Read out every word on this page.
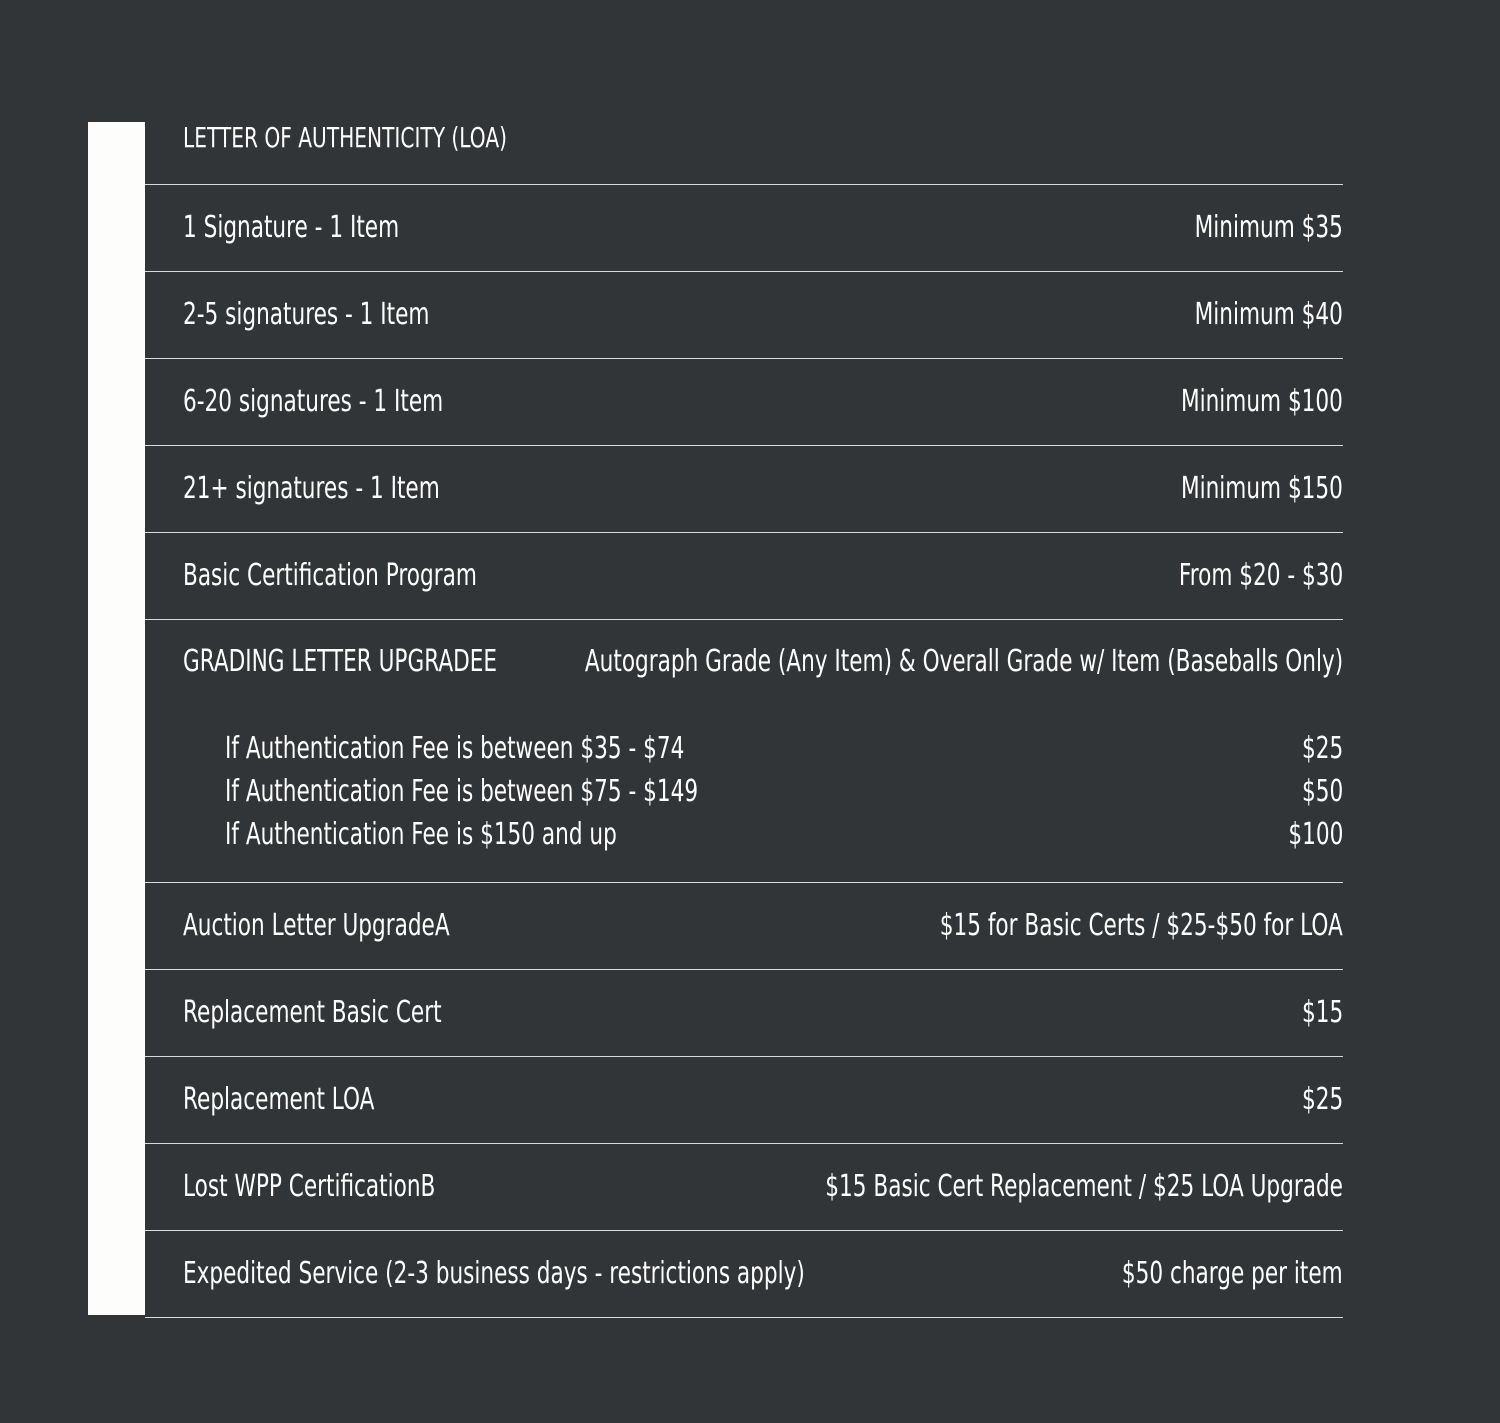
LETTER OF AUTHENTICITY (LOA)
1 Signature - 1 Item	Minimum $35
2-5 signatures - 1 Item	Minimum $40
6-20 signatures - 1 Item	Minimum $100
21+ signatures - 1 Item	Minimum $150
Basic Certification Program	From $20 - $30
GRADING LETTER UPGRADEE	Autograph Grade (Any Item) & Overall Grade w/ Item (Baseballs Only)
If Authentication Fee is between $35 - $74	$25
If Authentication Fee is between $75 - $149	$50
If Authentication Fee is $150 and up	$100
Auction Letter UpgradeA	$15 for Basic Certs / $25-$50 for LOA
Replacement Basic Cert	$15
Replacement LOA	$25
Lost WPP CertificationB	$15 Basic Cert Replacement / $25 LOA Upgrade
Expedited Service (2-3 business days - restrictions apply)	$50 charge per item
